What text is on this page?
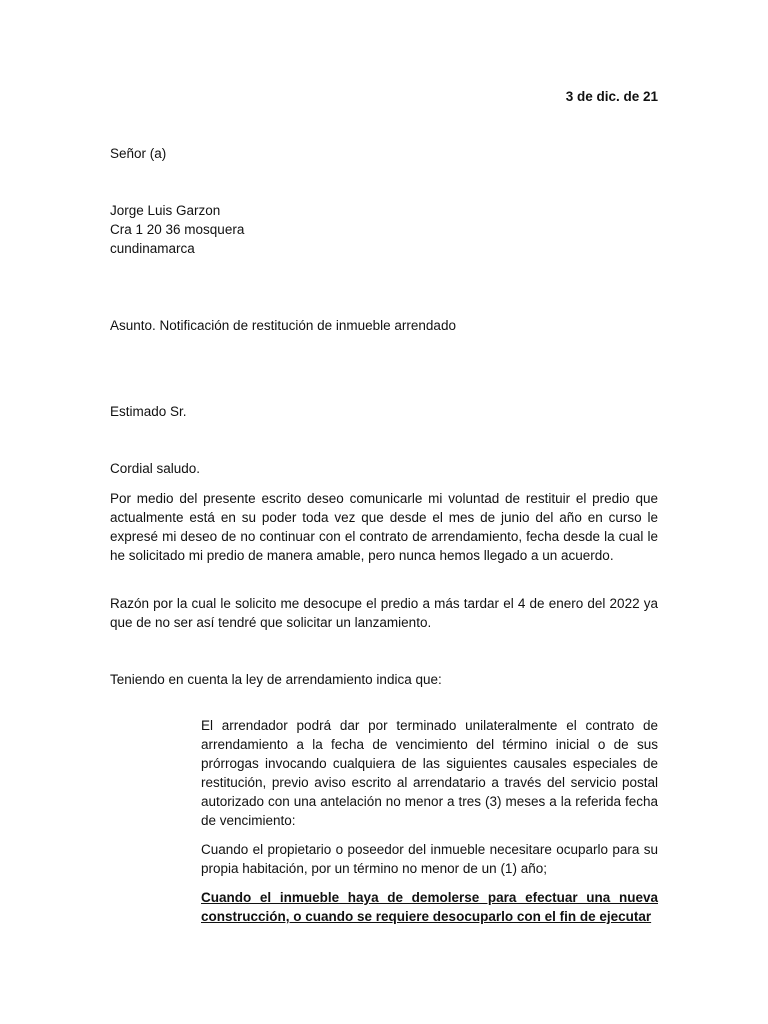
3 de dic. de 21
Señor (a)
Jorge Luis Garzon
Cra 1 20 36 mosquera
cundinamarca
Asunto. Notificación de restitución de inmueble arrendado
Estimado Sr.
Cordial saludo.
Por medio del presente escrito deseo comunicarle mi voluntad de restituir el predio que actualmente está en su poder toda vez que desde el mes de junio del año en curso le expresé mi deseo de no continuar con el contrato de arrendamiento, fecha desde la cual le he solicitado mi predio de manera amable, pero nunca hemos llegado a un acuerdo.
Razón por la cual le solicito me desocupe el predio a más tardar el 4 de enero del 2022 ya que de no ser así tendré que solicitar un lanzamiento.
Teniendo en cuenta la ley de arrendamiento indica que:
El arrendador podrá dar por terminado unilateralmente el contrato de arrendamiento a la fecha de vencimiento del término inicial o de sus prórrogas invocando cualquiera de las siguientes causales especiales de restitución, previo aviso escrito al arrendatario a través del servicio postal autorizado con una antelación no menor a tres (3) meses a la referida fecha de vencimiento:
Cuando el propietario o poseedor del inmueble necesitare ocuparlo para su propia habitación, por un término no menor de un (1) año;
Cuando el inmueble haya de demolerse para efectuar una nueva construcción, o cuando se requiere desocuparlo con el fin de ejecutar
